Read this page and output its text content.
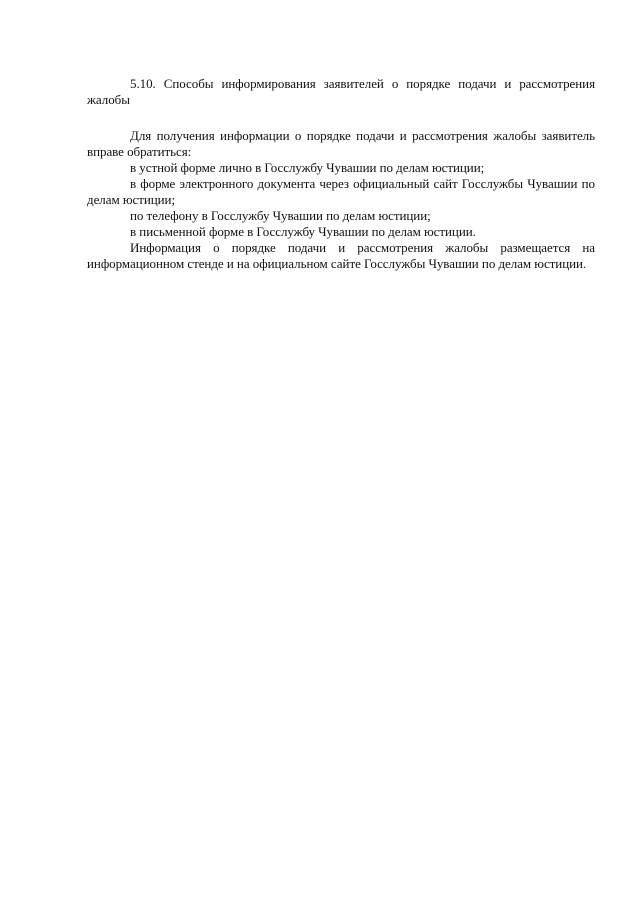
5.10. Способы информирования заявителей о порядке подачи и рассмотрения жалобы

Для получения информации о порядке подачи и рассмотрения жалобы заявитель вправе обратиться:

в устной форме лично в Госслужбу Чувашии по делам юстиции;

в форме электронного документа через официальный сайт Госслужбы Чувашии по делам юстиции;

по телефону в Госслужбу Чувашии по делам юстиции;

в письменной форме в Госслужбу Чувашии по делам юстиции.

Информация о порядке подачи и рассмотрения жалобы размещается на информационном стенде и на официальном сайте Госслужбы Чувашии по делам юстиции.
